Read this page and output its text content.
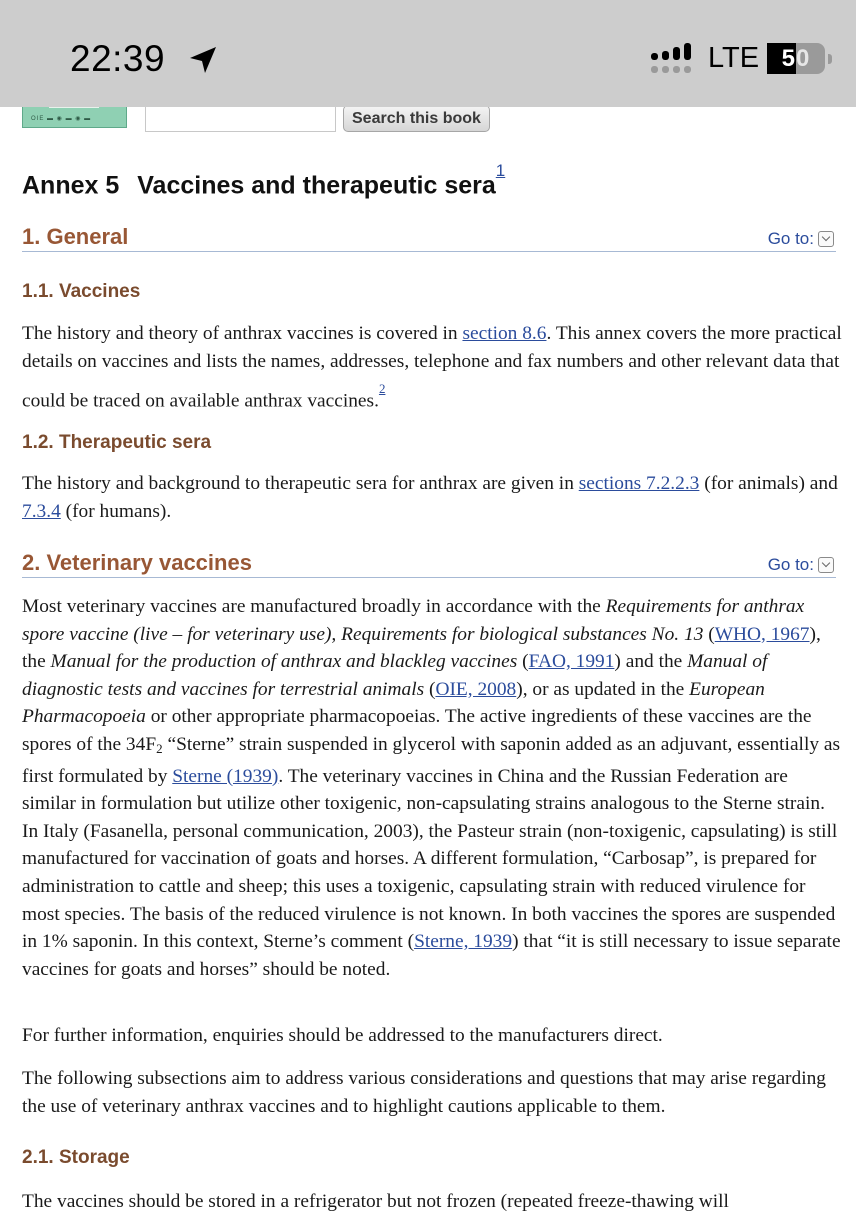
22:39	LTE 50
OIE ▬ ◉ ▬ ◉ ▬	Search this book
Annex 5 Vaccines and therapeutic sera$^{^1}$
1. General	Go to:
1.1. Vaccines

The history and theory of anthrax vaccines is covered in section 8.6. This annex covers the more practical details on vaccines and lists the names, addresses, telephone and fax numbers and other relevant data that could be traced on available anthrax vaccines.$^{^2}$

1.2. Therapeutic sera

The history and background to therapeutic sera for anthrax are given in sections 7.2.2.3 (for animals) and 7.3.4 (for humans).

2. Veterinary vaccines	Go to:

Most veterinary vaccines are manufactured broadly in accordance with the Requirements for anthrax spore vaccine (live – for veterinary use), Requirements for biological substances No. 13 (WHO, 1967), the Manual for the production of anthrax and blackleg vaccines (FAO, 1991) and the Manual of diagnostic tests and vaccines for terrestrial animals (OIE, 2008), or as updated in the European Pharmacopoeia or other appropriate pharmacopoeias. The active ingredients of these vaccines are the spores of the $34F_2$ “Sterne” strain suspended in glycerol with saponin added as an adjuvant, essentially as first formulated by Sterne (1939). The veterinary vaccines in China and the Russian Federation are similar in formulation but utilize other toxigenic, non-capsulating strains analogous to the Sterne strain. In Italy (Fasanella, personal communication, 2003), the Pasteur strain (non-toxigenic, capsulating) is still manufactured for vaccination of goats and horses. A different formulation, “Carbosap”, is prepared for administration to cattle and sheep; this uses a toxigenic, capsulating strain with reduced virulence for most species. The basis of the reduced virulence is not known. In both vaccines the spores are suspended in 1% saponin. In this context, Sterne’s comment (Sterne, 1939) that “it is still necessary to issue separate vaccines for goats and horses” should be noted.

For further information, enquiries should be addressed to the manufacturers direct.

The following subsections aim to address various considerations and questions that may arise regarding the use of veterinary anthrax vaccines and to highlight cautions applicable to them.

2.1. Storage
The vaccines should be stored in a refrigerator but not frozen (repeated freeze-thawing will
